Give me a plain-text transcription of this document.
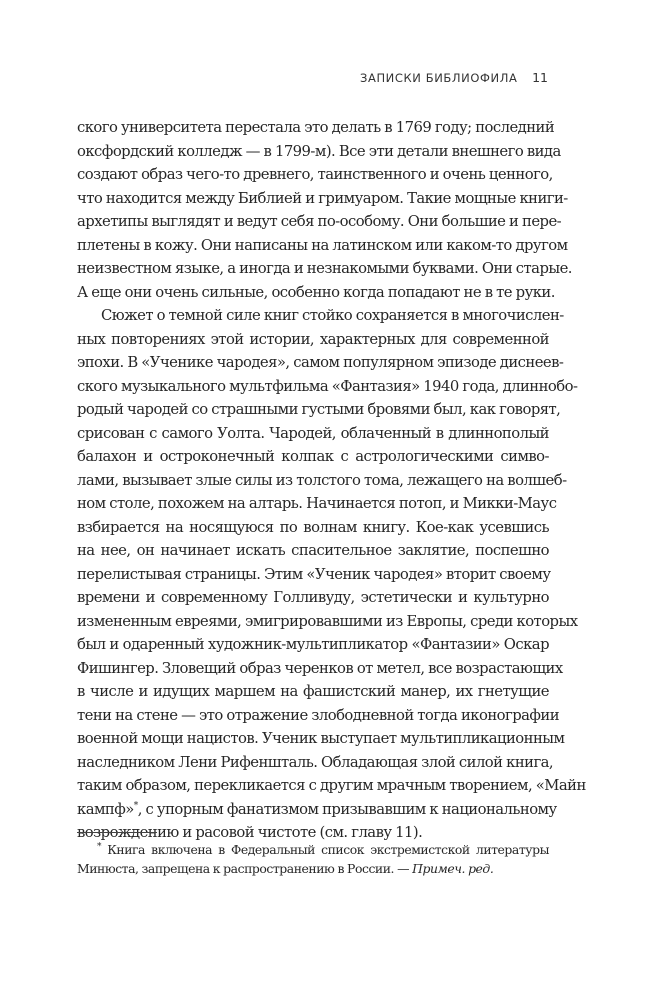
ЗАПИСКИ БИБЛИОФИЛА 11
ского университета перестала это делать в 1769 году; последний
оксфордский колледж — в 1799-м). Все эти детали внешнего вида
создают образ чего-то древнего, таинственного и очень ценного,
что находится между Библией и гримуаром. Такие мощные книги-
архетипы выглядят и ведут себя по-особому. Они большие и пере-
плетены в кожу. Они написаны на латинском или каком-то другом
неизвестном языке, а иногда и незнакомыми буквами. Они старые.
А еще они очень сильные, особенно когда попадают не в те руки.
Сюжет о темной силе книг стойко сохраняется в многочислен-
ных повторениях этой истории, характерных для современной
эпохи. В «Ученике чародея», самом популярном эпизоде диснеев-
ского музыкального мультфильма «Фантазия» 1940 года, длиннобо-
родый чародей со страшными густыми бровями был, как говорят,
срисован с самого Уолта. Чародей, облаченный в длиннополый
балахон и остроконечный колпак с астрологическими симво-
лами, вызывает злые силы из толстого тома, лежащего на волшеб-
ном столе, похожем на алтарь. Начинается потоп, и Микки-Маус
взбирается на носящуюся по волнам книгу. Кое-как усевшись
на нее, он начинает искать спасительное заклятие, поспешно
перелистывая страницы. Этим «Ученик чародея» вторит своему
времени и современному Голливуду, эстетически и культурно
измененным евреями, эмигрировавшими из Европы, среди которых
был и одаренный художник-мультипликатор «Фантазии» Оскар
Фишингер. Зловещий образ черенков от метел, все возрастающих
в числе и идущих маршем на фашистский манер, их гнетущие
тени на стене — это отражение злободневной тогда иконографии
военной мощи нацистов. Ученик выступает мультипликационным
наследником Лени Рифеншталь. Обладающая злой силой книга,
таким образом, перекликается с другим мрачным творением, «Майн
кампф»*, с упорным фанатизмом призывавшим к национальному
возрождению и расовой чистоте (см. главу 11).
* Книга включена в Федеральный список экстремистской литературы
Минюста, запрещена к распространению в России. — Примеч. ред.
